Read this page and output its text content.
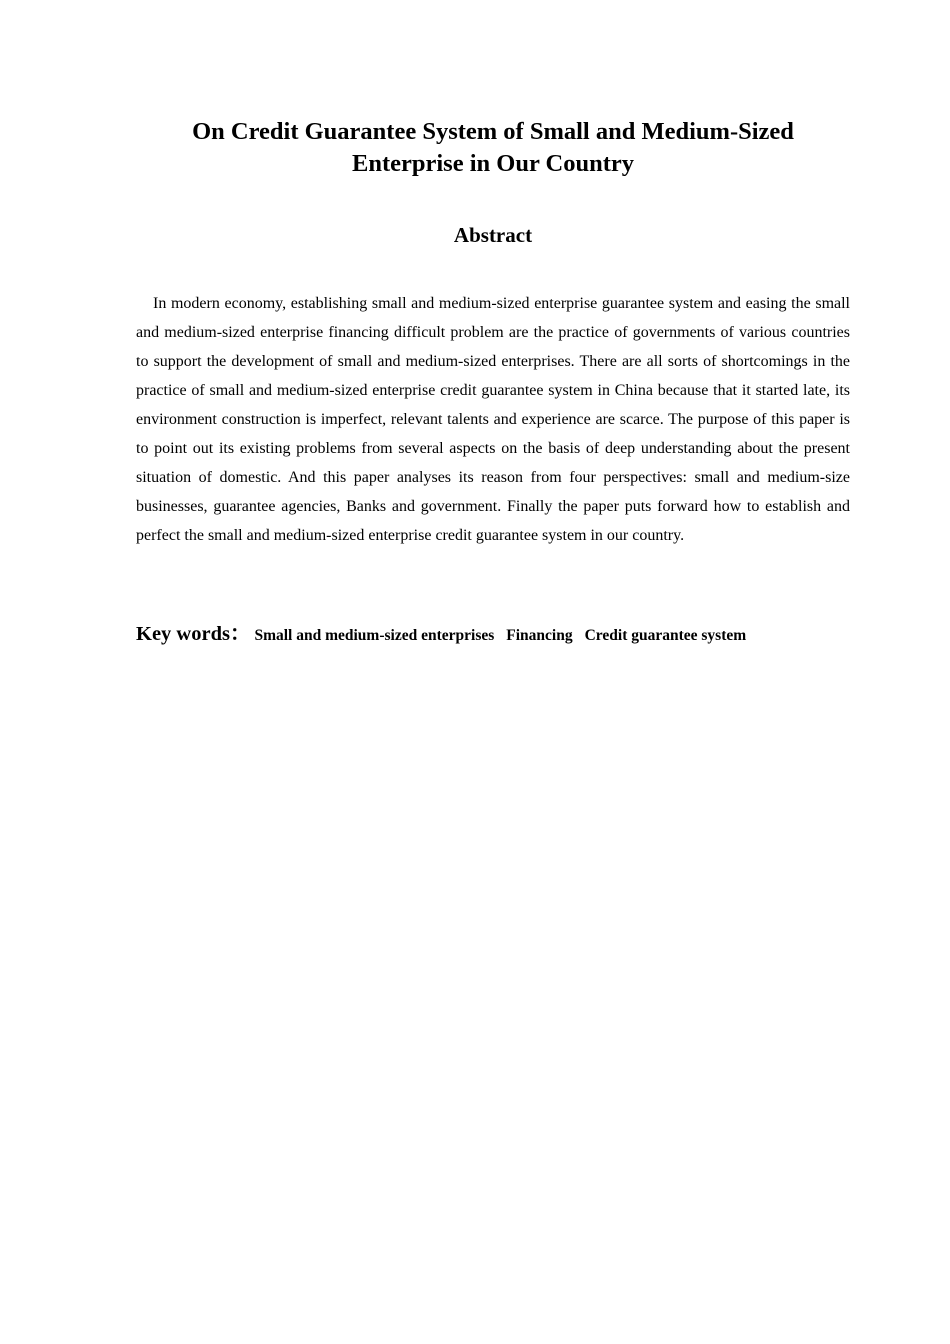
On Credit Guarantee System of Small and Medium-Sized
Enterprise in Our Country
Abstract

In modern economy, establishing small and medium-sized enterprise guarantee system and easing the small and medium-sized enterprise financing difficult problem are the practice of governments of various countries to support the development of small and medium-sized enterprises. There are all sorts of shortcomings in the practice of small and medium-sized enterprise credit guarantee system in China because that it started late, its environment construction is imperfect, relevant talents and experience are scarce. The purpose of this paper is to point out its existing problems from several aspects on the basis of deep understanding about the present situation of domestic. And this paper analyses its reason from four perspectives: small and medium-size businesses, guarantee agencies, Banks and government. Finally the paper puts forward how to establish and perfect the small and medium-sized enterprise credit guarantee system in our country.

Key words： Small and medium-sized enterprises Financing Credit guarantee system
